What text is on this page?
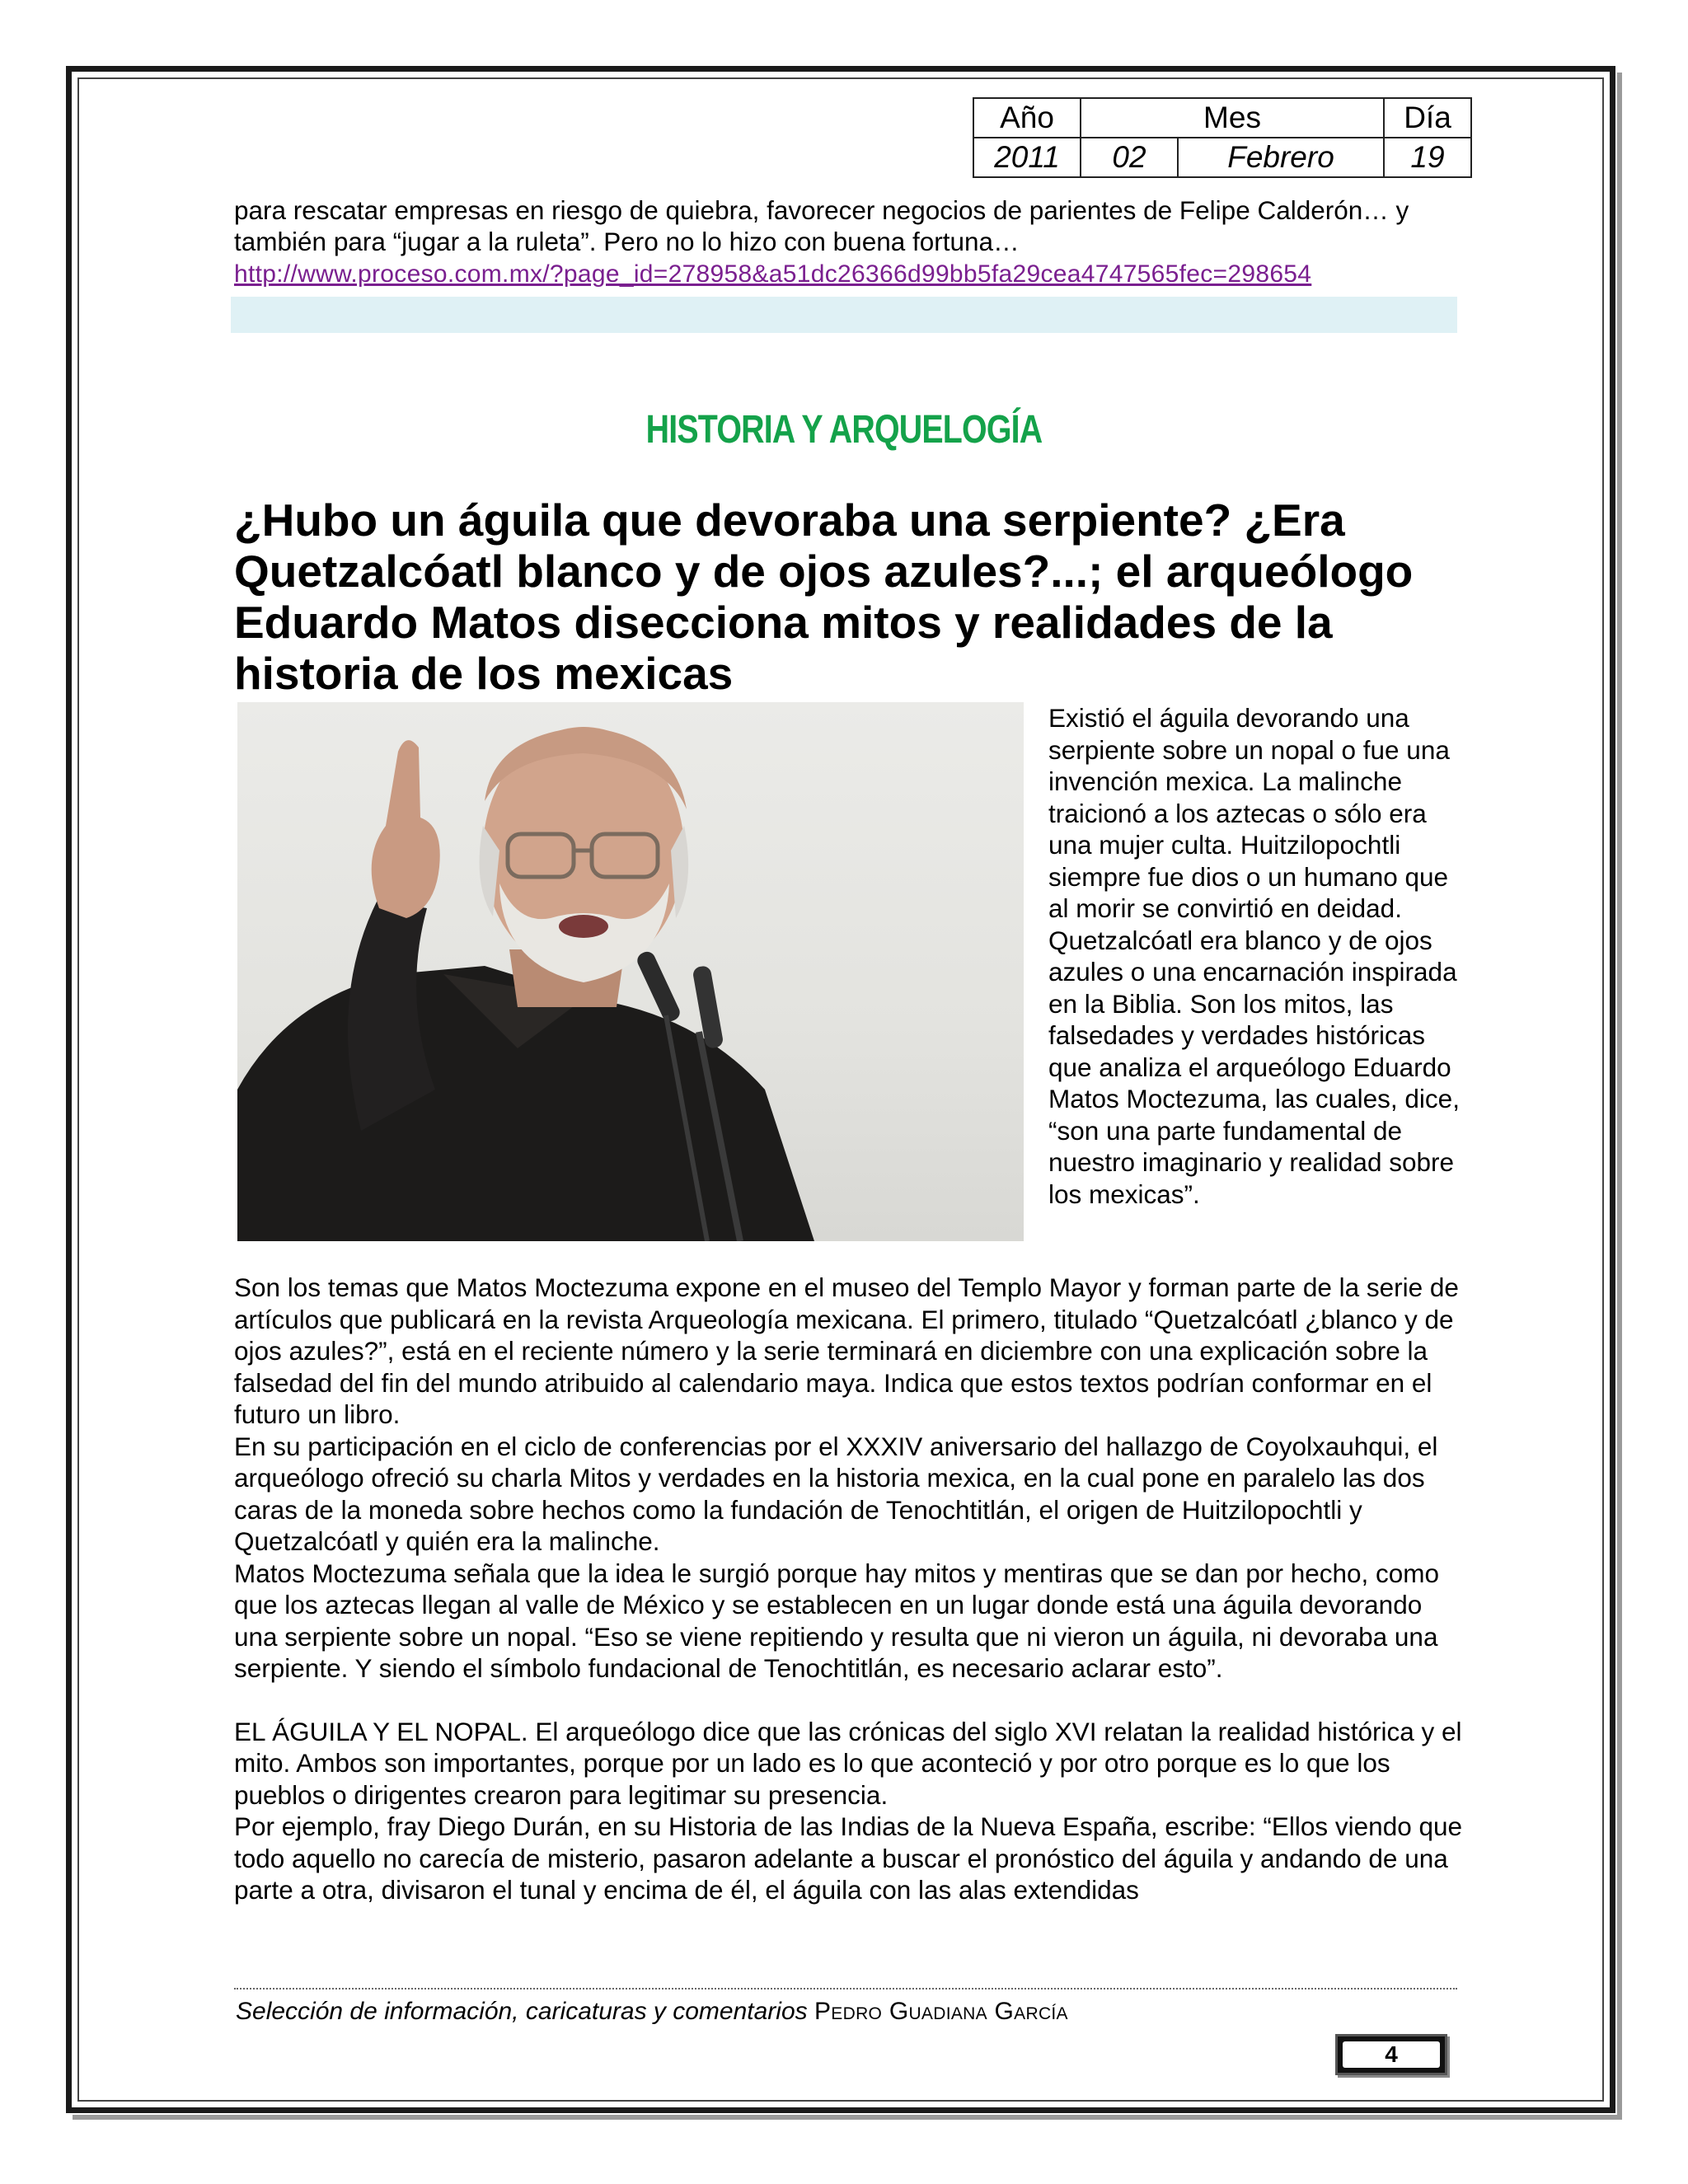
Año	Mes		Día
2011	02	Febrero	19
para rescatar empresas en riesgo de quiebra, favorecer negocios de parientes de Felipe Calderón… y también para “jugar a la ruleta”. Pero no lo hizo con buena fortuna…
http://www.proceso.com.mx/?page_id=278958&a51dc26366d99bb5fa29cea4747565fec=298654
HISTORIA Y ARQUELOGÍA
¿Hubo un águila que devoraba una serpiente? ¿Era Quetzalcóatl blanco y de ojos azules?...; el arqueólogo Eduardo Matos disecciona mitos y realidades de la historia de los mexicas
Existió el águila devorando una serpiente sobre un nopal o fue una invención mexica. La malinche traicionó a los aztecas o sólo era una mujer culta. Huitzilopochtli siempre fue dios o un humano que al morir se convirtió en deidad. Quetzalcóatl era blanco y de ojos azules o una encarnación inspirada en la Biblia. Son los mitos, las falsedades y verdades históricas que analiza el arqueólogo Eduardo Matos Moctezuma, las cuales, dice, “son una parte fundamental de nuestro imaginario y realidad sobre los mexicas”.

Son los temas que Matos Moctezuma expone en el museo del Templo Mayor y forman parte de la serie de artículos que publicará en la revista Arqueología mexicana. El primero, titulado “Quetzalcóatl ¿blanco y de ojos azules?”, está en el reciente número y la serie terminará en diciembre con una explicación sobre la falsedad del fin del mundo atribuido al calendario maya. Indica que estos textos podrían conformar en el futuro un libro.

En su participación en el ciclo de conferencias por el XXXIV aniversario del hallazgo de Coyolxauhqui, el arqueólogo ofreció su charla Mitos y verdades en la historia mexica, en la cual pone en paralelo las dos caras de la moneda sobre hechos como la fundación de Tenochtitlán, el origen de Huitzilopochtli y Quetzalcóatl y quién era la malinche.

Matos Moctezuma señala que la idea le surgió porque hay mitos y mentiras que se dan por hecho, como que los aztecas llegan al valle de México y se establecen en un lugar donde está una águila devorando una serpiente sobre un nopal. “Eso se viene repitiendo y resulta que ni vieron un águila, ni devoraba una serpiente. Y siendo el símbolo fundacional de Tenochtitlán, es necesario aclarar esto”.

EL ÁGUILA Y EL NOPAL. El arqueólogo dice que las crónicas del siglo XVI relatan la realidad histórica y el mito. Ambos son importantes, porque por un lado es lo que aconteció y por otro porque es lo que los pueblos o dirigentes crearon para legitimar su presencia.

Por ejemplo, fray Diego Durán, en su Historia de las Indias de la Nueva España, escribe: “Ellos viendo que todo aquello no carecía de misterio, pasaron adelante a buscar el pronóstico del águila y andando de una parte a otra, divisaron el tunal y encima de él, el águila con las alas extendidas

Selección de información, caricaturas y comentarios Pedro Guadiana García
4
